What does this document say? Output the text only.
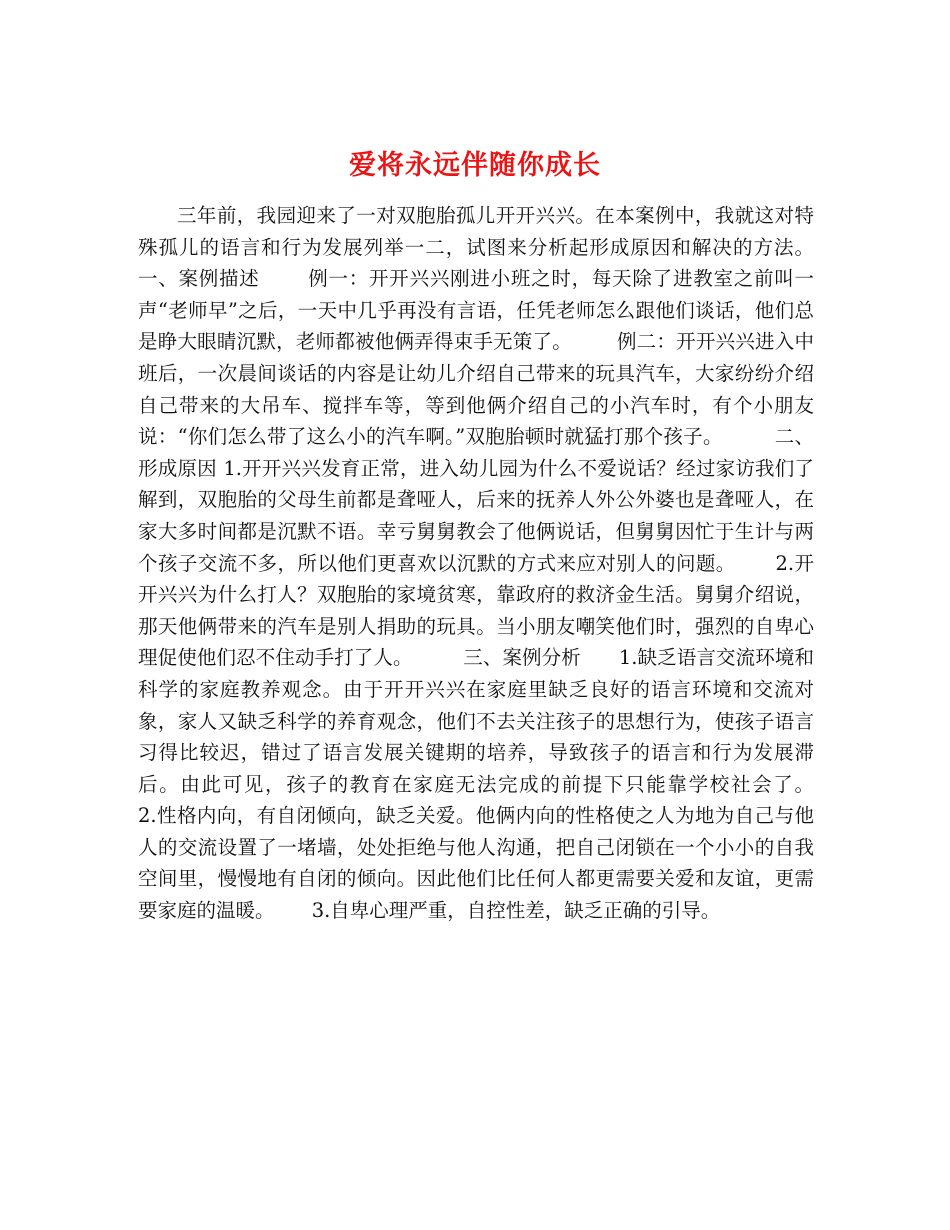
爱将永远伴随你成长

三年前，我园迎来了一对双胞胎孤儿开开兴兴。在本案例中，我就这对特殊孤儿的语言和行为发展列举一二，试图来分析起形成原因和解决的方法。        一、案例描述       例一：开开兴兴刚进小班之时，每天除了进教室之前叫一声“老师早”之后，一天中几乎再没有言语，任凭老师怎么跟他们谈话，他们总是睁大眼睛沉默，老师都被他俩弄得束手无策了。       例二：开开兴兴进入中班后，一次晨间谈话的内容是让幼儿介绍自己带来的玩具汽车，大家纷纷介绍自己带来的大吊车、搅拌车等，等到他俩介绍自己的小汽车时，有个小朋友说：“你们怎么带了这么小的汽车啊。”双胞胎顿时就猛打那个孩子。        二、形成原因 1.开开兴兴发育正常，进入幼儿园为什么不爱说话？经过家访我们了解到，双胞胎的父母生前都是聋哑人，后来的抚养人外公外婆也是聋哑人，在家大多时间都是沉默不语。幸亏舅舅教会了他俩说话，但舅舅因忙于生计与两个孩子交流不多，所以他们更喜欢以沉默的方式来应对别人的问题。      2.开开兴兴为什么打人？双胞胎的家境贫寒，靠政府的救济金生活。舅舅介绍说，那天他俩带来的汽车是别人捐助的玩具。当小朋友嘲笑他们时，强烈的自卑心理促使他们忍不住动手打了人。        三、案例分析      1.缺乏语言交流环境和科学的家庭教养观念。由于开开兴兴在家庭里缺乏良好的语言环境和交流对象，家人又缺乏科学的养育观念，他们不去关注孩子的思想行为，使孩子语言习得比较迟，错过了语言发展关键期的培养，导致孩子的语言和行为发展滞后。由此可见，孩子的教育在家庭无法完成的前提下只能靠学校社会了。      2.性格内向，有自闭倾向，缺乏关爱。他俩内向的性格使之人为地为自己与他人的交流设置了一堵墙，处处拒绝与他人沟通，把自己闭锁在一个小小的自我空间里，慢慢地有自闭的倾向。因此他们比任何人都更需要关爱和友谊，更需要家庭的温暖。      3.自卑心理严重，自控性差，缺乏正确的引导。
